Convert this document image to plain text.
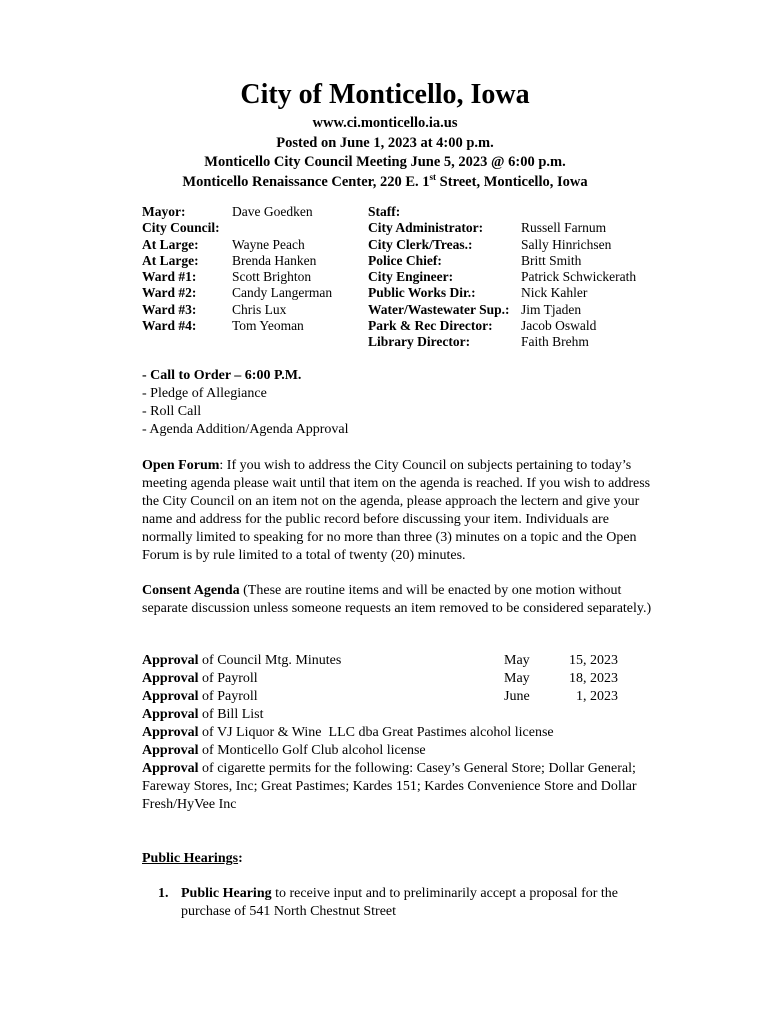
City of Monticello, Iowa
www.ci.monticello.ia.us
Posted on June 1, 2023 at 4:00 p.m.
Monticello City Council Meeting June 5, 2023 @ 6:00 p.m.
Monticello Renaissance Center, 220 E. 1st Street, Monticello, Iowa
Mayor:	Dave Goedken
City Council:
At Large:	Wayne Peach
At Large:	Brenda Hanken
Ward #1:	Scott Brighton
Ward #2:	Candy Langerman
Ward #3:	Chris Lux
Ward #4:	Tom Yeoman
Staff:
City Administrator:	Russell Farnum
City Clerk/Treas.:	Sally Hinrichsen
Police Chief:	Britt Smith
City Engineer:	Patrick Schwickerath
Public Works Dir.:	Nick Kahler
Water/Wastewater Sup.: Jim Tjaden
Park & Rec Director:	Jacob Oswald
Library Director:	Faith Brehm

- Call to Order – 6:00 P.M.

- Pledge of Allegiance

- Roll Call

- Agenda Addition/Agenda Approval

Open Forum: If you wish to address the City Council on subjects pertaining to today’s meeting agenda please wait until that item on the agenda is reached. If you wish to address the City Council on an item not on the agenda, please approach the lectern and give your name and address for the public record before discussing your item. Individuals are normally limited to speaking for no more than three (3) minutes on a topic and the Open Forum is by rule limited to a total of twenty (20) minutes.

Consent Agenda (These are routine items and will be enacted by one motion without separate discussion unless someone requests an item removed to be considered separately.)

Approval of Council Mtg. Minutes	May	15, 2023
Approval of Payroll	May	18, 2023
Approval of Payroll	June	1, 2023

Approval of Bill List

Approval of VJ Liquor & Wine  LLC dba Great Pastimes alcohol license

Approval of Monticello Golf Club alcohol license

Approval of cigarette permits for the following: Casey’s General Store; Dollar General; Fareway Stores, Inc; Great Pastimes; Kardes 151; Kardes Convenience Store and Dollar Fresh/HyVee Inc

Public Hearings:

1. Public Hearing to receive input and to preliminarily accept a proposal for the purchase of 541 North Chestnut Street
